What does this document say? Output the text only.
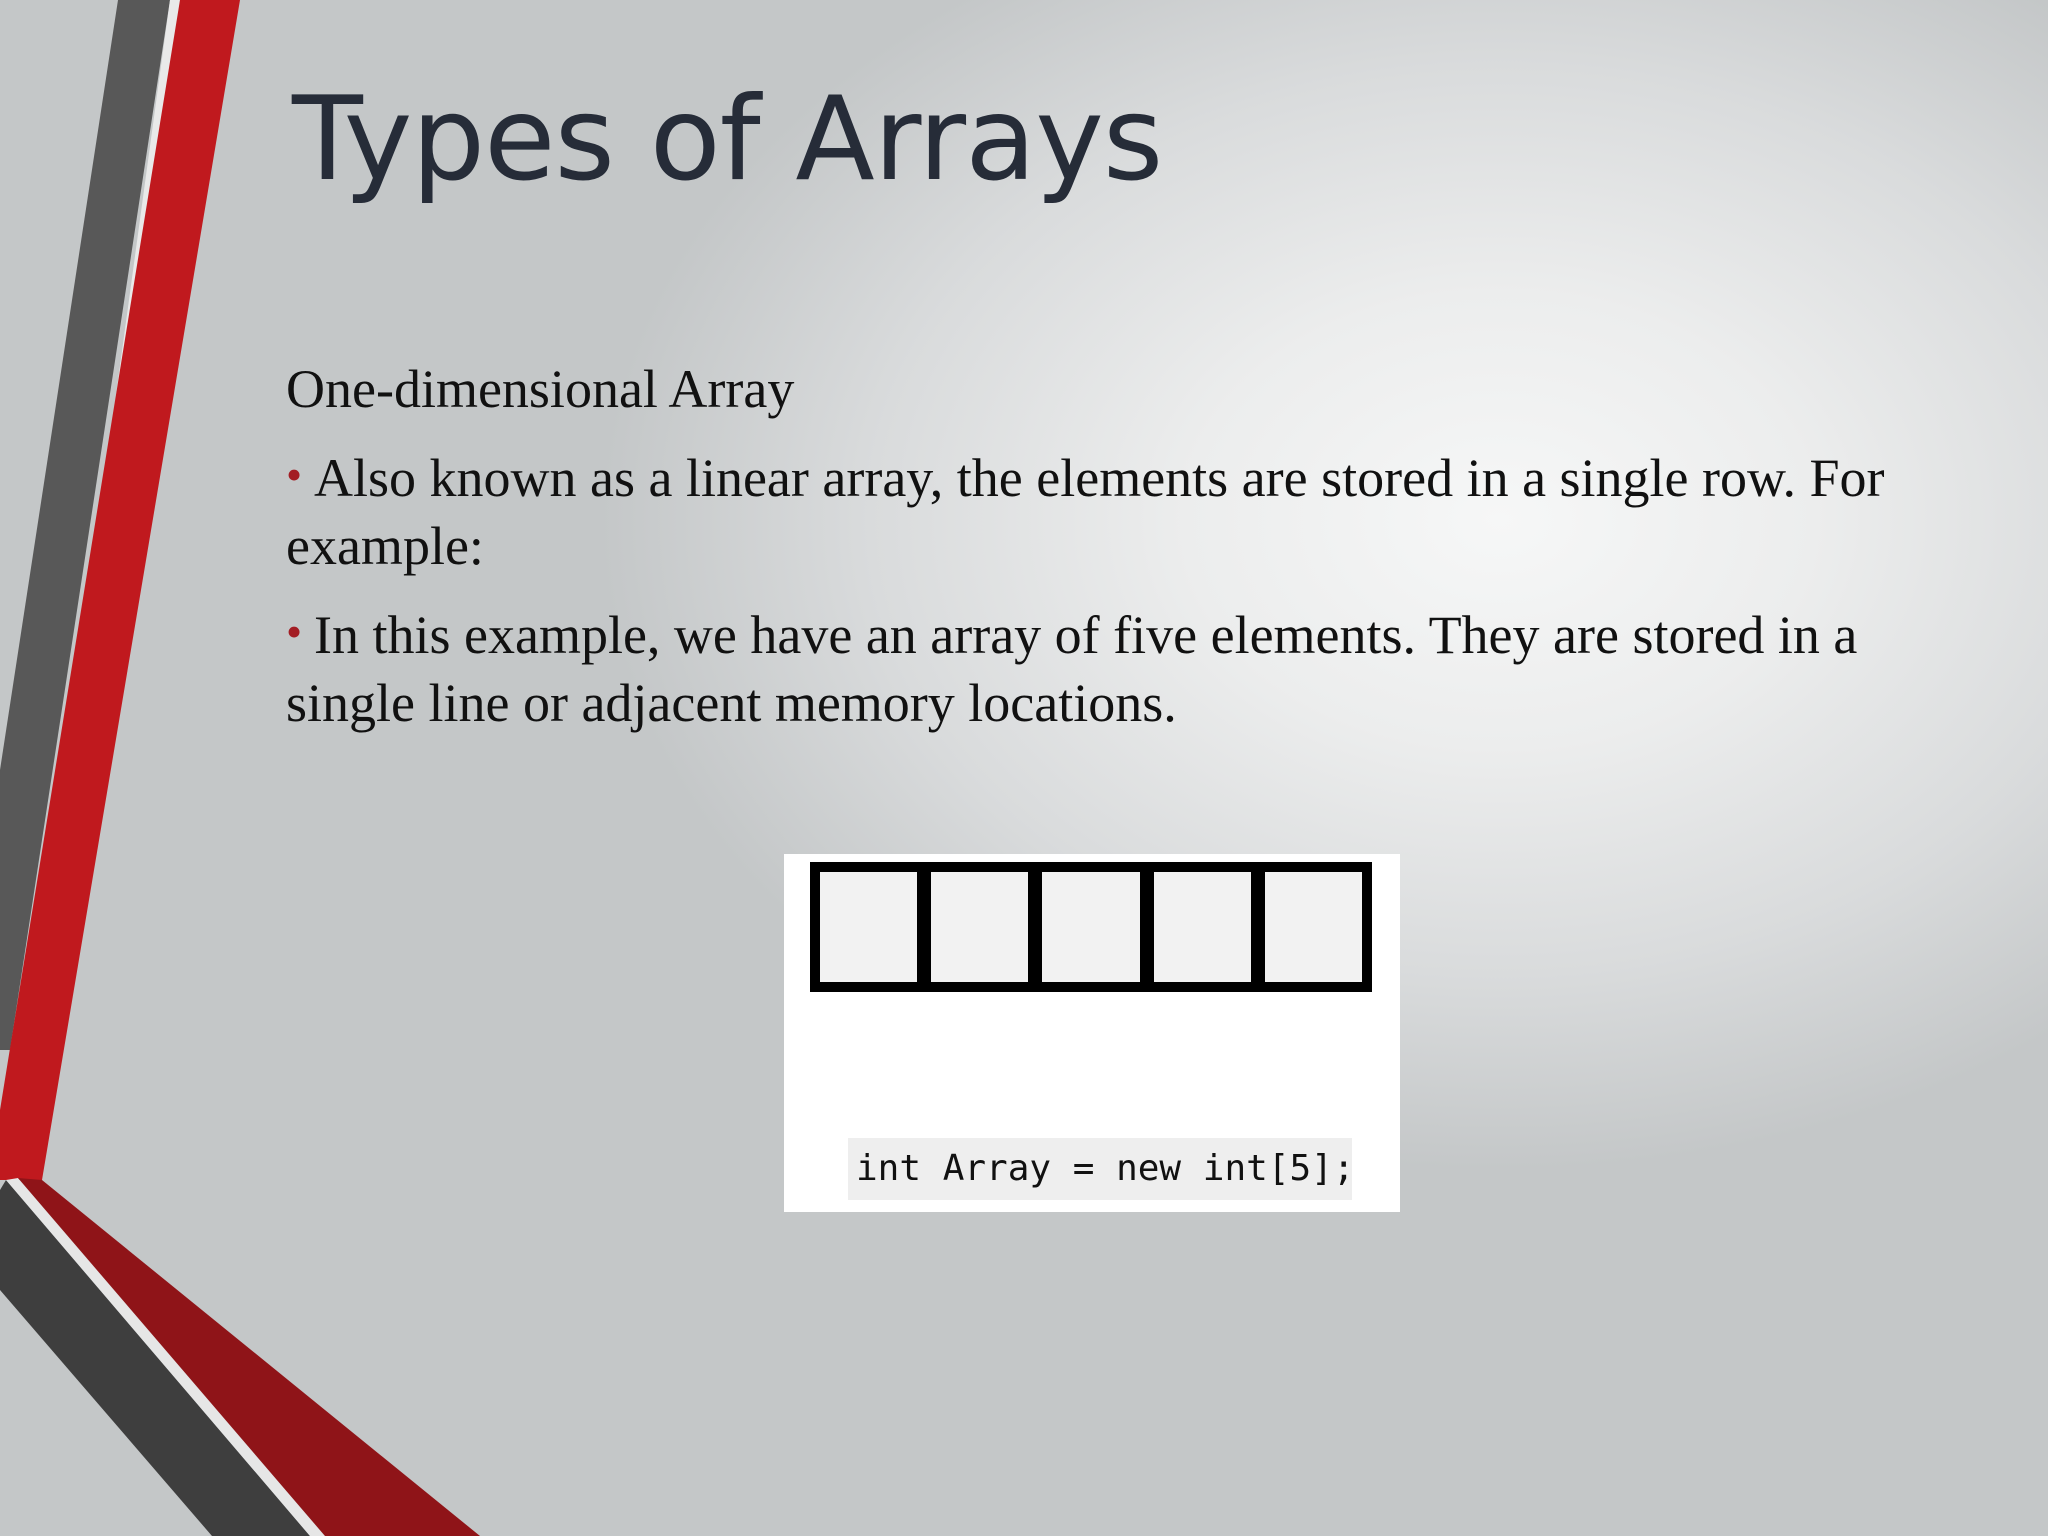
Types of Arrays

One-dimensional Array

• Also known as a linear array, the elements are stored in a single row. For example:

• In this example, we have an array of five elements. They are stored in a single line or adjacent memory locations.

int Array = new int[5];
